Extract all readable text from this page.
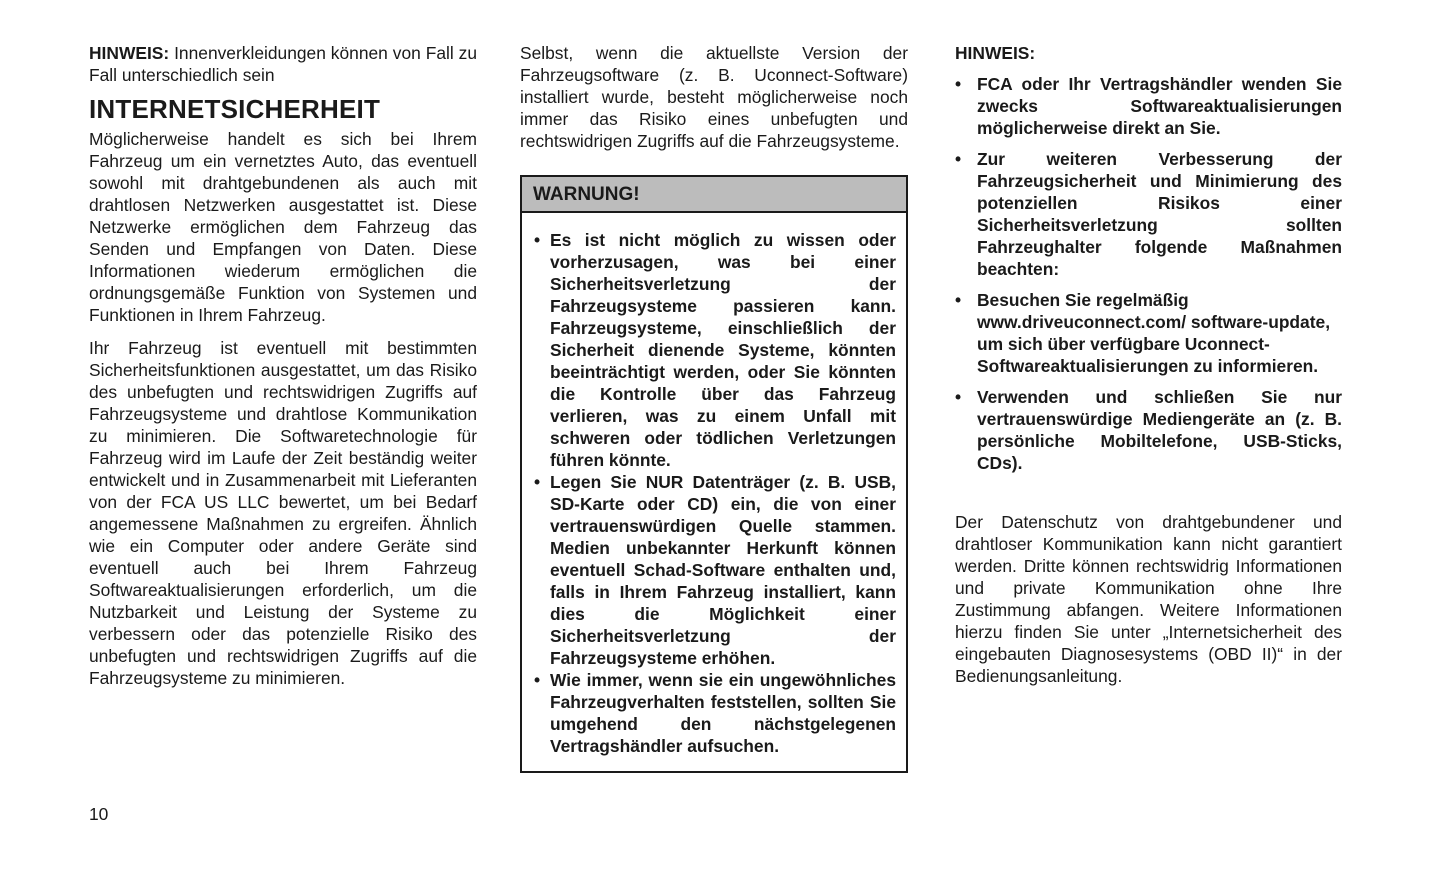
HINWEIS: Innenverkleidungen können von Fall zu Fall unterschiedlich sein

INTERNETSICHERHEIT

Möglicherweise handelt es sich bei Ihrem Fahrzeug um ein vernetztes Auto, das eventuell sowohl mit drahtgebundenen als auch mit drahtlosen Netzwerken ausgestattet ist. Diese Netzwerke ermöglichen dem Fahrzeug das Senden und Empfangen von Daten. Diese Informationen wiederum ermöglichen die ordnungsgemäße Funktion von Systemen und Funktionen in Ihrem Fahrzeug.

Ihr Fahrzeug ist eventuell mit bestimmten Sicherheitsfunktionen ausgestattet, um das Risiko des unbefugten und rechtswidrigen Zugriffs auf Fahrzeugsysteme und drahtlose Kommunikation zu minimieren. Die Softwaretechnologie für Fahrzeug wird im Laufe der Zeit beständig weiter entwickelt und in Zusammenarbeit mit Lieferanten von der FCA US LLC bewertet, um bei Bedarf angemessene Maßnahmen zu ergreifen. Ähnlich wie ein Computer oder andere Geräte sind eventuell auch bei Ihrem Fahrzeug Softwareaktualisierungen erforderlich, um die Nutzbarkeit und Leistung der Systeme zu verbessern oder das potenzielle Risiko des unbefugten und rechtswidrigen Zugriffs auf die Fahrzeugsysteme zu minimieren.

Selbst, wenn die aktuellste Version der Fahrzeugsoftware (z. B. Uconnect-Software) installiert wurde, besteht möglicherweise noch immer das Risiko eines unbefugten und rechtswidrigen Zugriffs auf die Fahrzeugsysteme.

WARNUNG!
• Es ist nicht möglich zu wissen oder vorherzusagen, was bei einer Sicherheitsverletzung der Fahrzeugsysteme passieren kann. Fahrzeugsysteme, einschließlich der Sicherheit dienende Systeme, könnten beeinträchtigt werden, oder Sie könnten die Kontrolle über das Fahrzeug verlieren, was zu einem Unfall mit schweren oder tödlichen Verletzungen führen könnte.
• Legen Sie NUR Datenträger (z. B. USB, SD-Karte oder CD) ein, die von einer vertrauenswürdigen Quelle stammen. Medien unbekannter Herkunft können eventuell Schad-Software enthalten und, falls in Ihrem Fahrzeug installiert, kann dies die Möglichkeit einer Sicherheitsverletzung der Fahrzeugsysteme erhöhen.
• Wie immer, wenn sie ein ungewöhnliches Fahrzeugverhalten feststellen, sollten Sie umgehend den nächstgelegenen Vertragshändler aufsuchen.
HINWEIS:
• FCA oder Ihr Vertragshändler wenden Sie zwecks Softwareaktualisierungen möglicherweise direkt an Sie.
• Zur weiteren Verbesserung der Fahrzeugsicherheit und Minimierung des potenziellen Risikos einer Sicherheitsverletzung sollten Fahrzeughalter folgende Maßnahmen beachten:
• Besuchen Sie regelmäßig www.driveuconnect.com/ software-update, um sich über verfügbare Uconnect-Softwareaktualisierungen zu informieren.
• Verwenden und schließen Sie nur vertrauenswürdige Mediengeräte an (z. B. persönliche Mobiltelefone, USB-Sticks, CDs).

Der Datenschutz von drahtgebundener und drahtloser Kommunikation kann nicht garantiert werden. Dritte können rechtswidrig Informationen und private Kommunikation ohne Ihre Zustimmung abfangen. Weitere Informationen hierzu finden Sie unter „Internetsicherheit des eingebauten Diagnosesystems (OBD II)“ in der Bedienungsanleitung.

10
